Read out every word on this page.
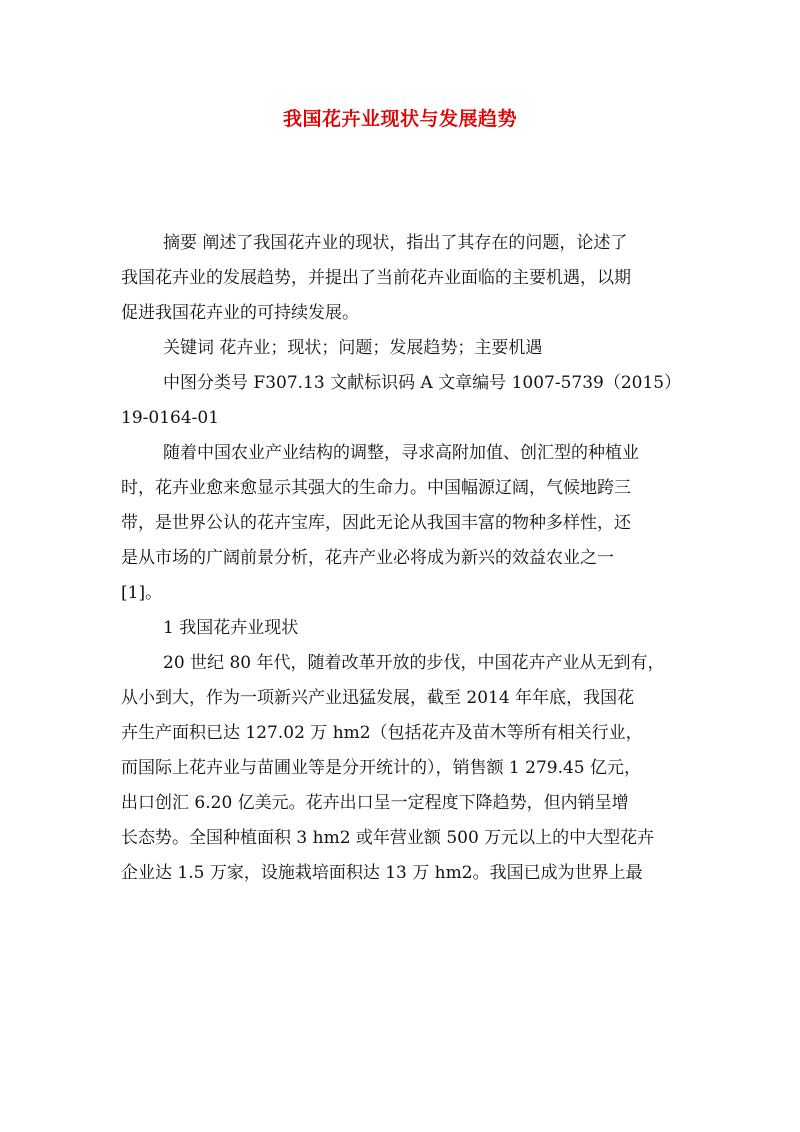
我国花卉业现状与发展趋势

摘要 阐述了我国花卉业的现状，指出了其存在的问题，论述了
我国花卉业的发展趋势，并提出了当前花卉业面临的主要机遇，以期
促进我国花卉业的可持续发展。

关键词 花卉业；现状；问题；发展趋势；主要机遇

中图分类号 F307.13 文献标识码 A 文章编号 1007-5739（2015）
19-0164-01

随着中国农业产业结构的调整，寻求高附加值、创汇型的种植业
时，花卉业愈来愈显示其强大的生命力。中国幅源辽阔，气候地跨三
带，是世界公认的花卉宝库，因此无论从我国丰富的物种多样性，还
是从市场的广阔前景分析，花卉产业必将成为新兴的效益农业之一
[1]。

1 我国花卉业现状

20 世纪 80 年代，随着改革开放的步伐，中国花卉产业从无到有，
从小到大，作为一项新兴产业迅猛发展，截至 2014 年年底，我国花
卉生产面积已达 127.02 万 hm2（包括花卉及苗木等所有相关行业，
而国际上花卉业与苗圃业等是分开统计的），销售额 1 279.45 亿元，
出口创汇 6.20 亿美元。花卉出口呈一定程度下降趋势，但内销呈增
长态势。全国种植面积 3 hm2 或年营业额 500 万元以上的中大型花卉
企业达 1.5 万家，设施栽培面积达 13 万 hm2。我国已成为世界上最
